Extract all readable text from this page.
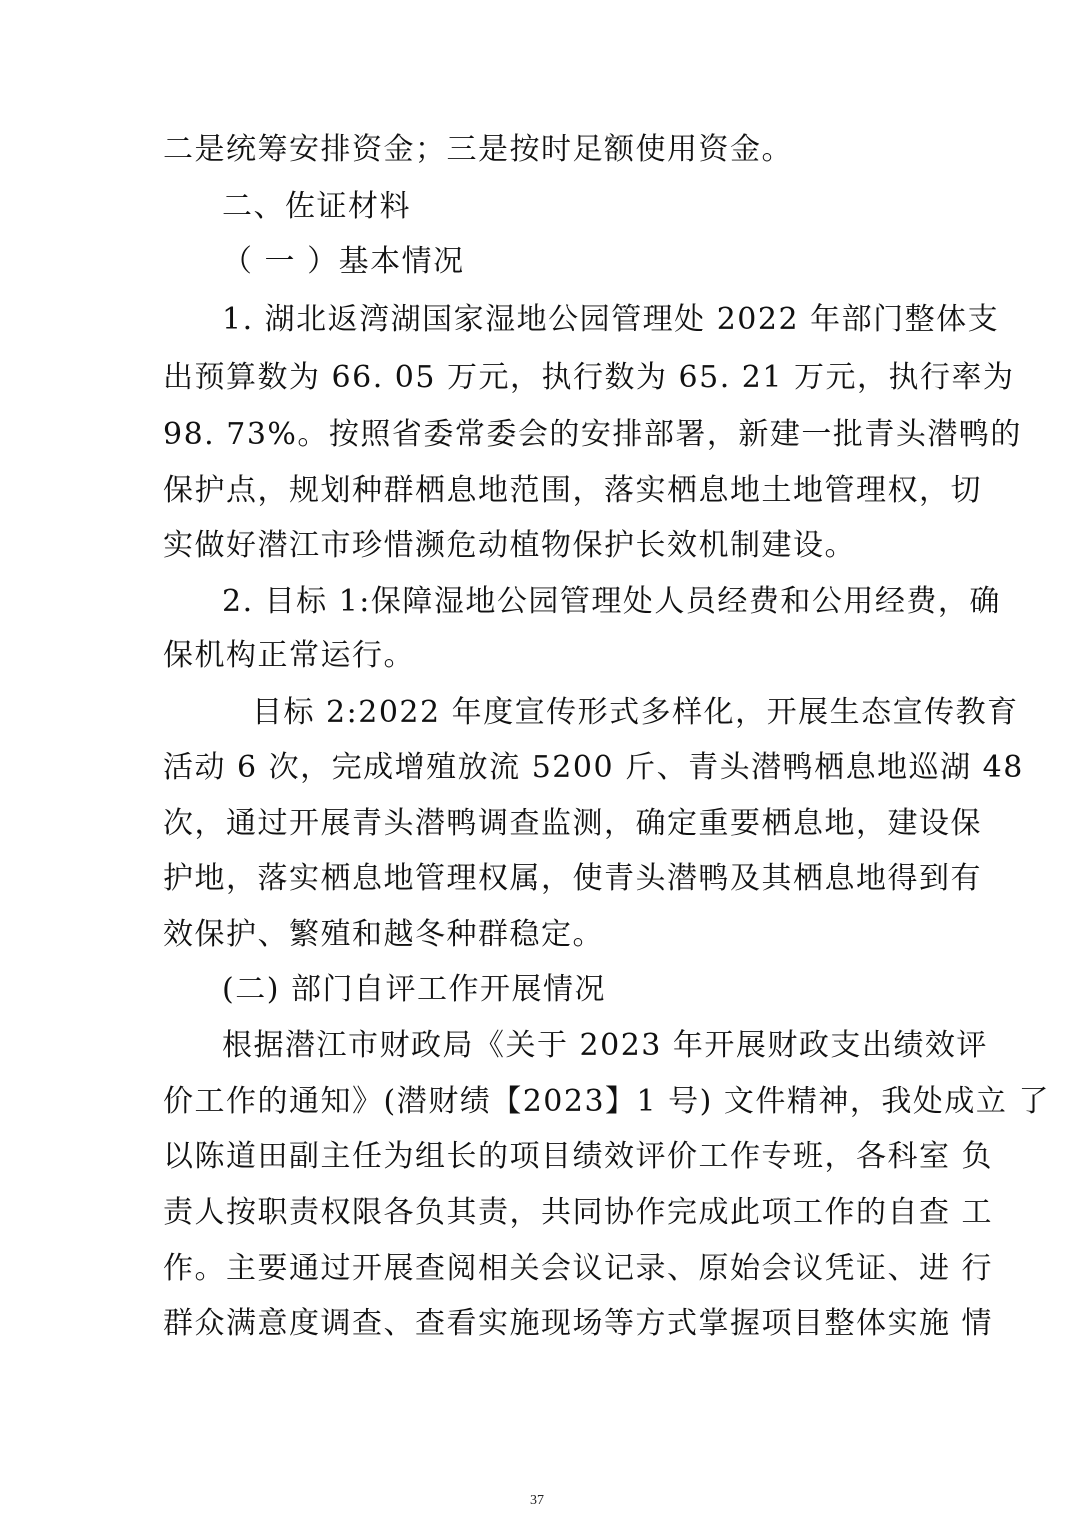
二是统筹安排资金；三是按时足额使用资金。
二、佐证材料
（ 一 ）基本情况
1. 湖北返湾湖国家湿地公园管理处 2022 年部门整体支
出预算数为 66. 05 万元，执行数为 65. 21 万元，执行率为
98. 73%。按照省委常委会的安排部署，新建一批青头潜鸭的
保护点，规划种群栖息地范围，落实栖息地土地管理权，切
实做好潜江市珍惜濒危动植物保护长效机制建设。
2. 目标 1:保障湿地公园管理处人员经费和公用经费，确
保机构正常运行。
目标 2:2022 年度宣传形式多样化，开展生态宣传教育
活动 6 次，完成增殖放流 5200 斤、青头潜鸭栖息地巡湖 48
次，通过开展青头潜鸭调查监测，确定重要栖息地，建设保
护地，落实栖息地管理权属，使青头潜鸭及其栖息地得到有
效保护、繁殖和越冬种群稳定。
(二) 部门自评工作开展情况
根据潜江市财政局《关于 2023 年开展财政支出绩效评
价工作的通知》(潜财绩【2023】1 号) 文件精神，我处成立 了
以陈道田副主任为组长的项目绩效评价工作专班，各科室 负
责人按职责权限各负其责，共同协作完成此项工作的自查 工
作。主要通过开展查阅相关会议记录、原始会议凭证、进 行
群众满意度调查、查看实施现场等方式掌握项目整体实施 情
37
